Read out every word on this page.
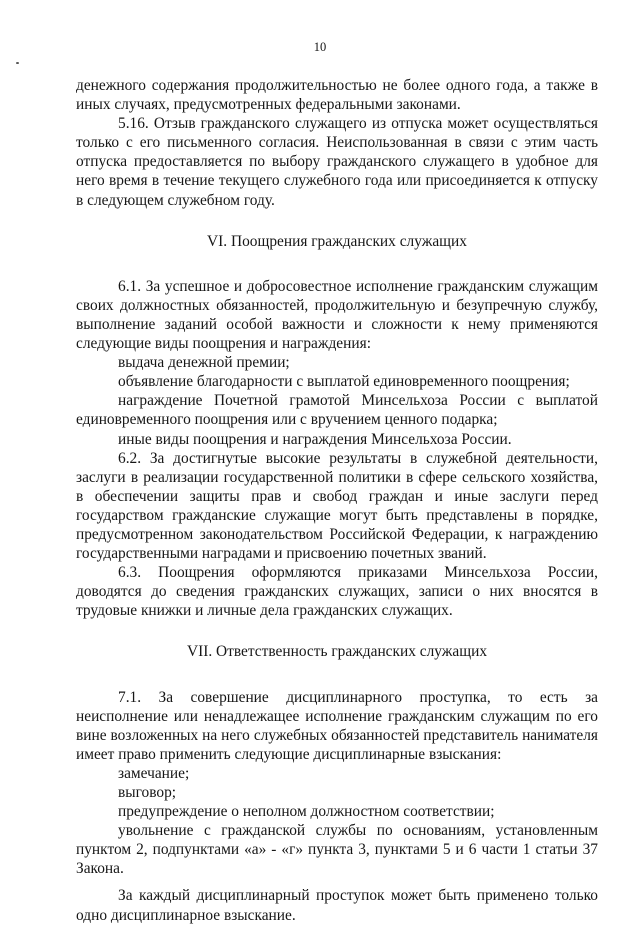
10

денежного содержания продолжительностью не более одного года, а также в иных случаях, предусмотренных федеральными законами.

5.16. Отзыв гражданского служащего из отпуска может осуществляться только с его письменного согласия. Неиспользованная в связи с этим часть отпуска предоставляется по выбору гражданского служащего в удобное для него время в течение текущего служебного года или присоединяется к отпуску в следующем служебном году.

VI. Поощрения гражданских служащих

6.1. За успешное и добросовестное исполнение гражданским служащим своих должностных обязанностей, продолжительную и безупречную службу, выполнение заданий особой важности и сложности к нему применяются следующие виды поощрения и награждения:

выдача денежной премии;

объявление благодарности с выплатой единовременного поощрения;

награждение Почетной грамотой Минсельхоза России с выплатой единовременного поощрения или с вручением ценного подарка;

иные виды поощрения и награждения Минсельхоза России.

6.2. За достигнутые высокие результаты в служебной деятельности, заслуги в реализации государственной политики в сфере сельского хозяйства, в обеспечении защиты прав и свобод граждан и иные заслуги перед государством гражданские служащие могут быть представлены в порядке, предусмотренном законодательством Российской Федерации, к награждению государственными наградами и присвоению почетных званий.

6.3. Поощрения оформляются приказами Минсельхоза России, доводятся до сведения гражданских служащих, записи о них вносятся в трудовые книжки и личные дела гражданских служащих.

VII. Ответственность гражданских служащих

7.1. За совершение дисциплинарного проступка, то есть за неисполнение или ненадлежащее исполнение гражданским служащим по его вине возложенных на него служебных обязанностей представитель нанимателя имеет право применить следующие дисциплинарные взыскания:

замечание;

выговор;

предупреждение о неполном должностном соответствии;

увольнение с гражданской службы по основаниям, установленным пунктом 2, подпунктами «а» - «г» пункта 3, пунктами 5 и 6 части 1 статьи 37 Закона.

За каждый дисциплинарный проступок может быть применено только одно дисциплинарное взыскание.
